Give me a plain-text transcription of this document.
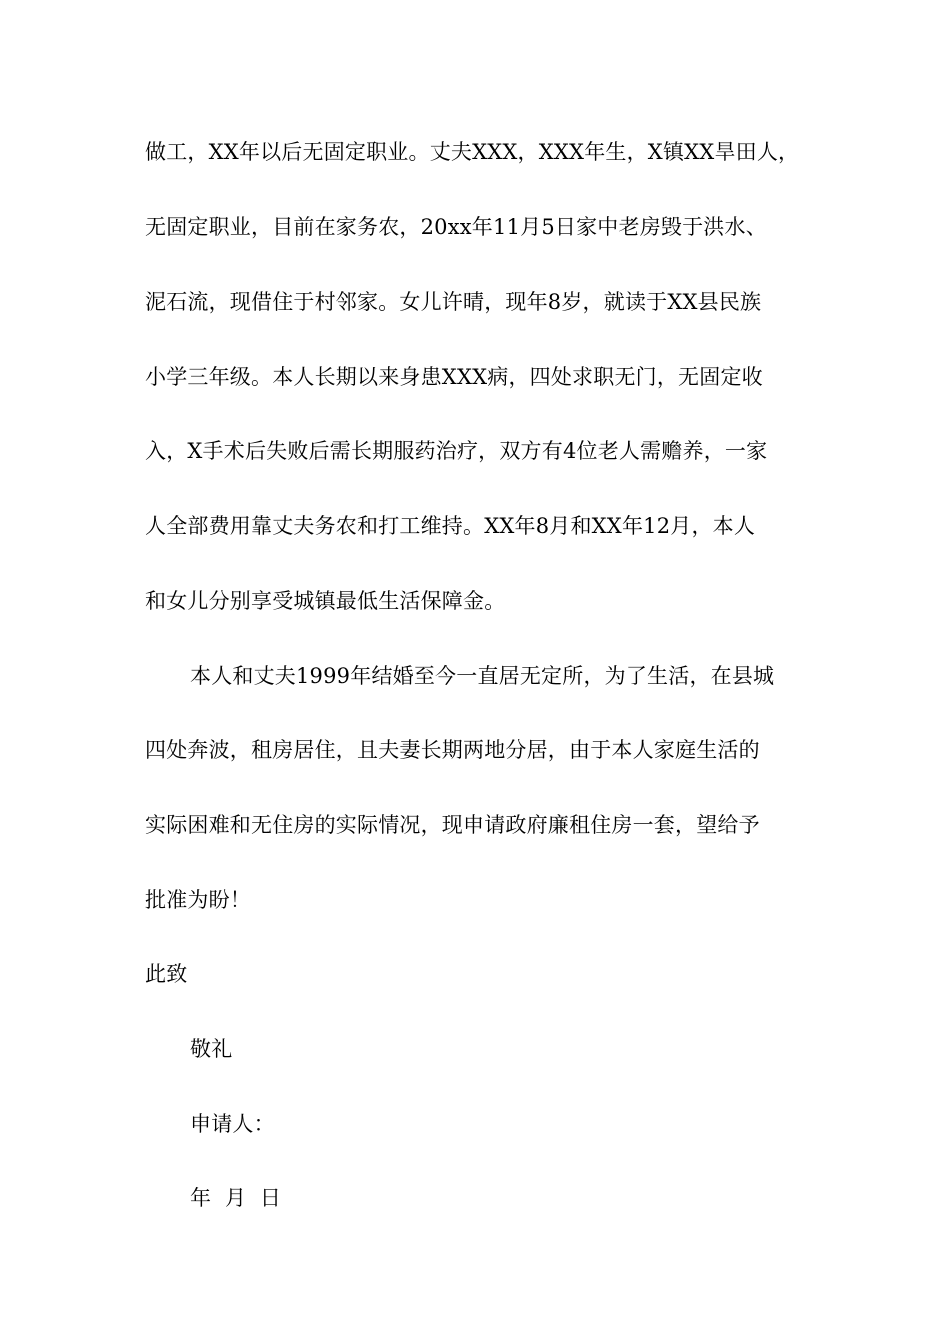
做工，XX年以后无固定职业。丈夫XXX，XXX年生，X镇XX旱田人，
无固定职业，目前在家务农，20xx年11月5日家中老房毁于洪水、
泥石流，现借住于村邻家。女儿许晴，现年8岁，就读于XX县民族
小学三年级。本人长期以来身患XXX病，四处求职无门，无固定收
入，X手术后失败后需长期服药治疗，双方有4位老人需赡养，一家
人全部费用靠丈夫务农和打工维持。XX年8月和XX年12月，本人
和女儿分别享受城镇最低生活保障金。
本人和丈夫1999年结婚至今一直居无定所，为了生活，在县城
四处奔波，租房居住，且夫妻长期两地分居，由于本人家庭生活的
实际困难和无住房的实际情况，现申请政府廉租住房一套，望给予
批准为盼！
此致
敬礼
申请人：
年  月  日
